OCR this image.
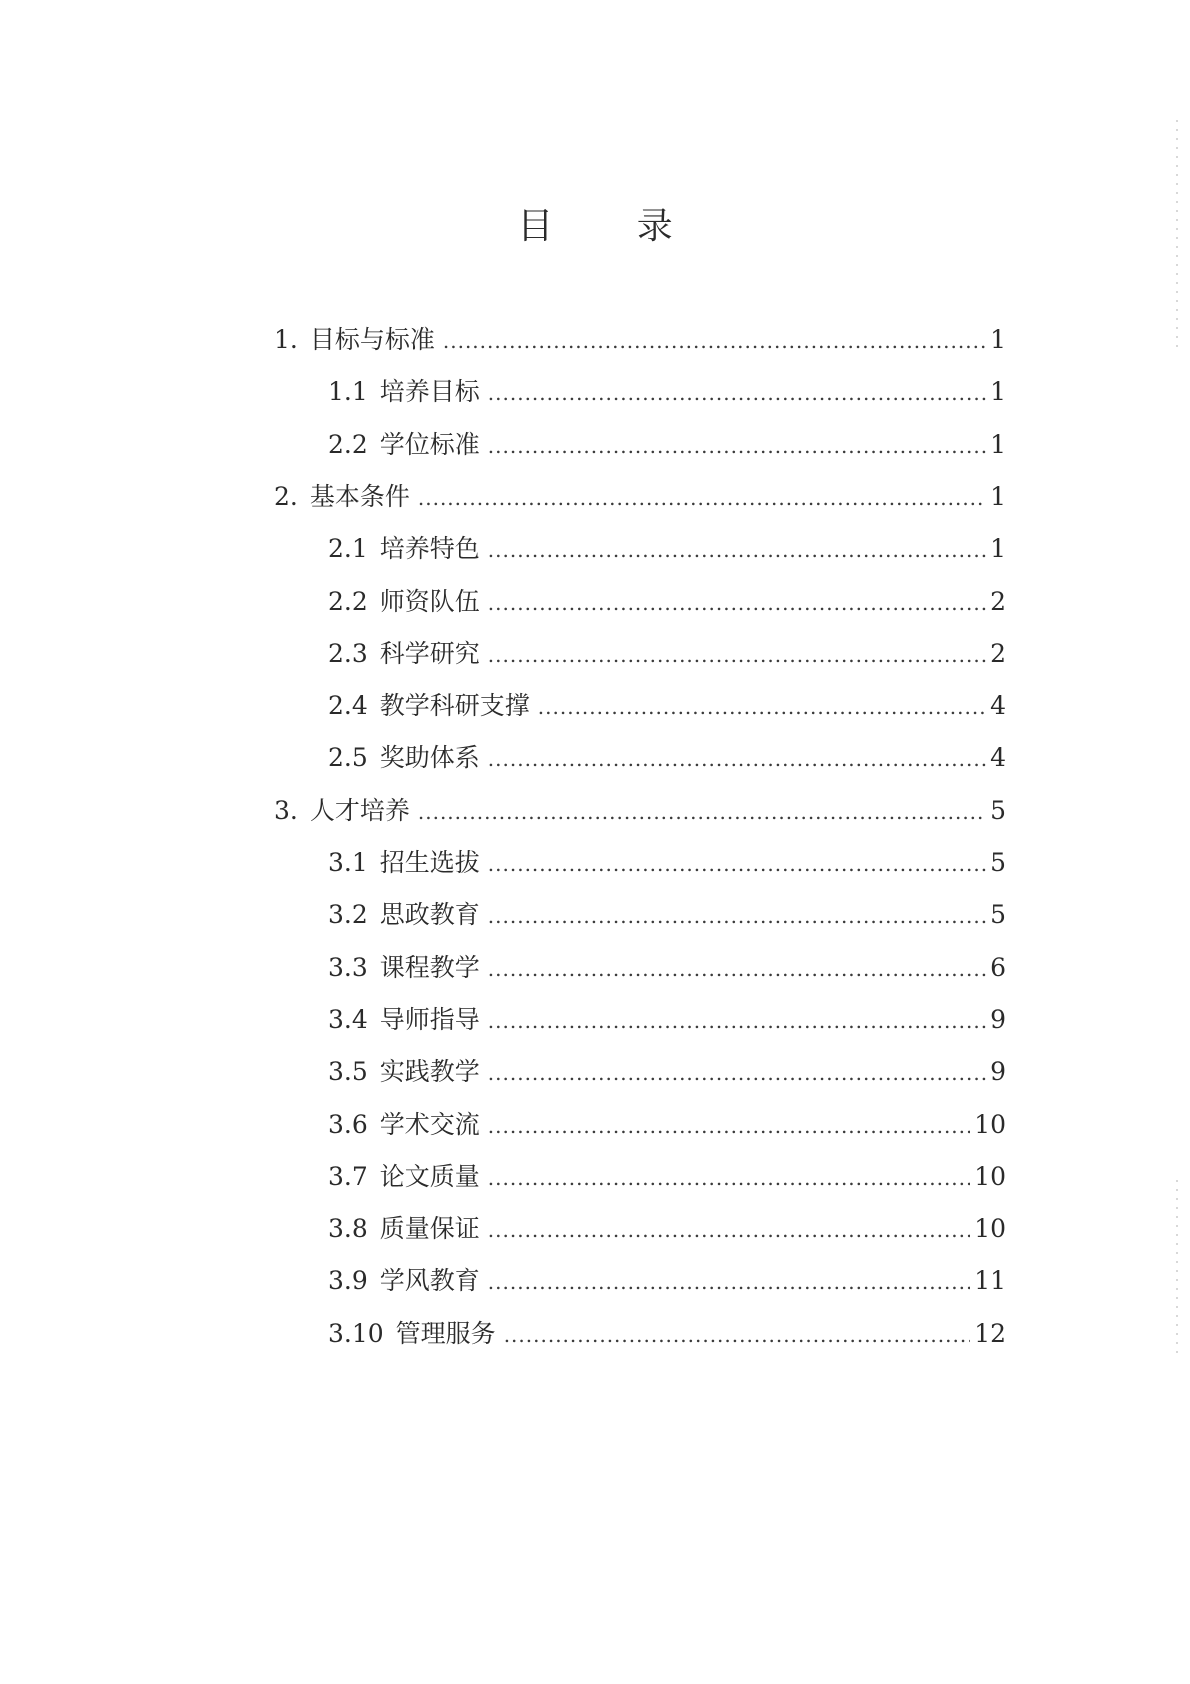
目 录
1. 目标与标准 .....	1
1.1 培养目标 .....	1
2.2 学位标准 .....	1
2. 基本条件 .....	1
2.1 培养特色 .....	1
2.2 师资队伍 .....	2
2.3 科学研究 .....	2
2.4 教学科研支撑 .....	4
2.5 奖助体系 .....	4
3. 人才培养 .....	5
3.1 招生选拔 .....	5
3.2 思政教育 .....	5
3.3 课程教学 .....	6
3.4 导师指导 .....	9
3.5 实践教学 .....	9
3.6 学术交流 .....	10
3.7 论文质量 .....	10
3.8 质量保证 .....	10
3.9 学风教育 .....	11
3.10 管理服务 .....	12
